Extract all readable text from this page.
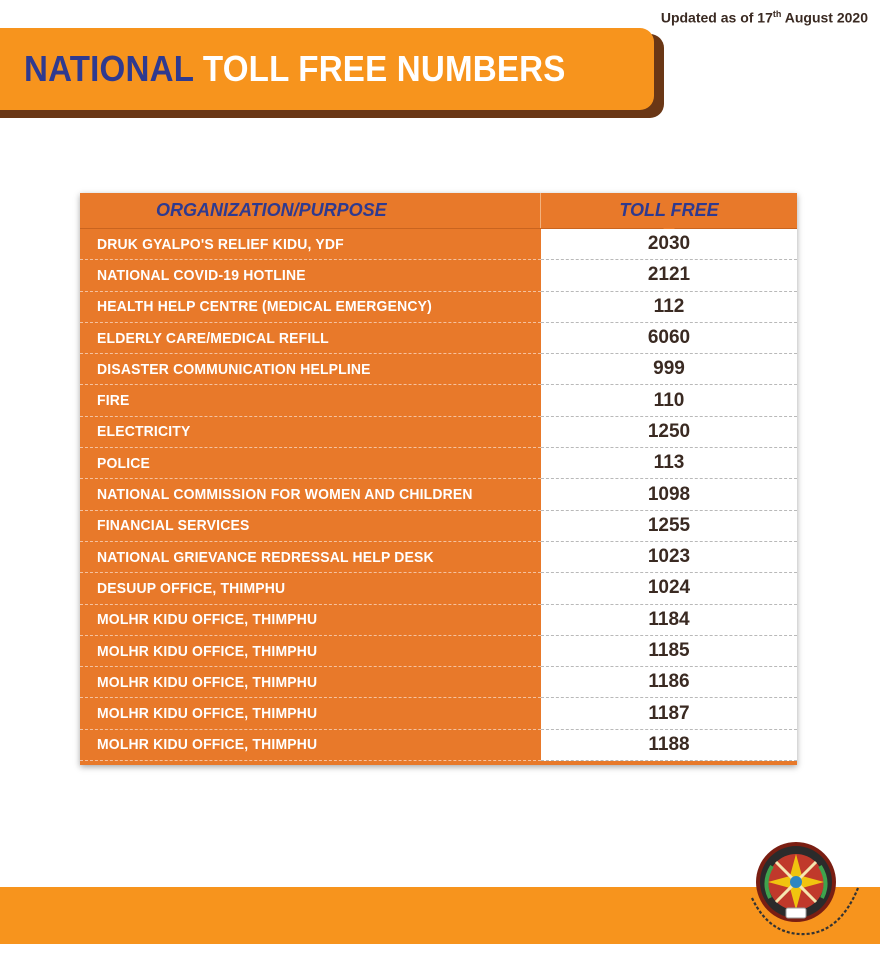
Updated as of 17th August 2020
NATIONAL TOLL FREE NUMBERS
ORGANIZATION/PURPOSE	TOLL FREE
DRUK GYALPO'S RELIEF KIDU, YDF	2030
NATIONAL COVID-19 HOTLINE	2121
HEALTH HELP CENTRE (MEDICAL EMERGENCY)	112
ELDERLY CARE/MEDICAL REFILL	6060
DISASTER COMMUNICATION HELPLINE	999
FIRE	110
ELECTRICITY	1250
POLICE	113
NATIONAL COMMISSION FOR WOMEN AND CHILDREN	1098
FINANCIAL SERVICES	1255
NATIONAL GRIEVANCE REDRESSAL HELP DESK	1023
DESUUP OFFICE, THIMPHU	1024
MOLHR KIDU OFFICE, THIMPHU	1184
MOLHR KIDU OFFICE, THIMPHU	1185
MOLHR KIDU OFFICE, THIMPHU	1186
MOLHR KIDU OFFICE, THIMPHU	1187
MOLHR KIDU OFFICE, THIMPHU	1188
